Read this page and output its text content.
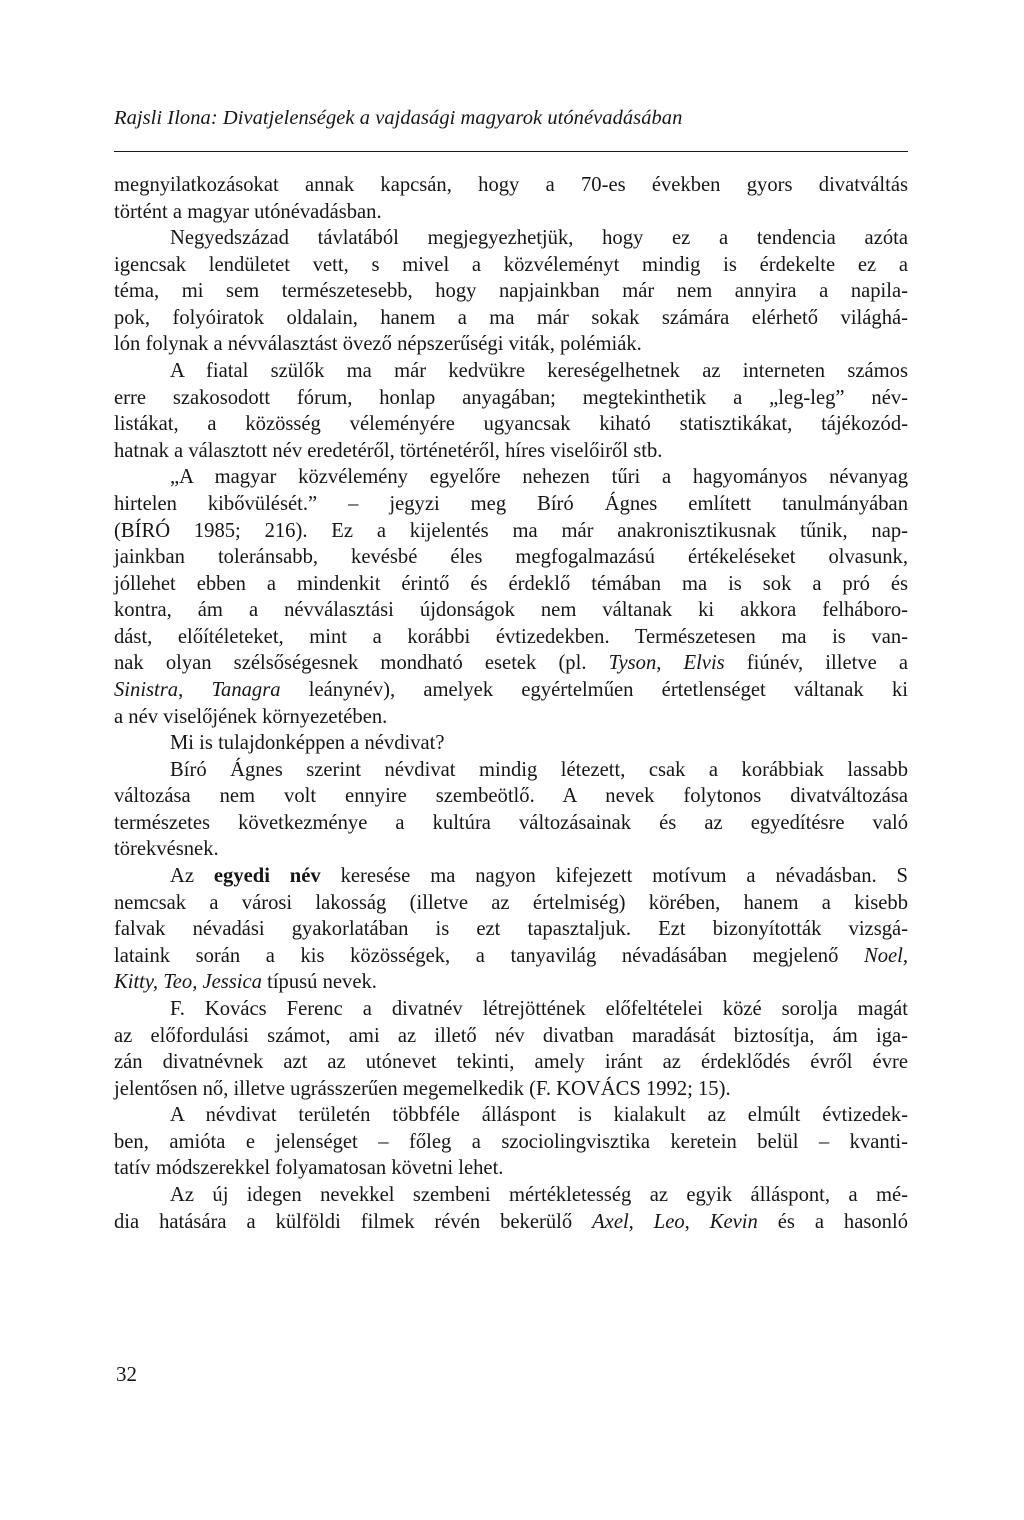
Rajsli Ilona: Divatjelenségek a vajdasági magyarok utónévadásában

megnyilatkozásokat annak kapcsán, hogy a 70-es években gyors divatváltás
történt a magyar utónévadásban.

Negyedszázad távlatából megjegyezhetjük, hogy ez a tendencia azóta
igencsak lendületet vett, s mivel a közvéleményt mindig is érdekelte ez a
téma, mi sem természetesebb, hogy napjainkban már nem annyira a napila-
pok, folyóiratok oldalain, hanem a ma már sokak számára elérhető világhá-
lón folynak a névválasztást övező népszerűségi viták, polémiák.

A fiatal szülők ma már kedvükre kereségelhetnek az interneten számos
erre szakosodott fórum, honlap anyagában; megtekinthetik a „leg-leg” név-
listákat, a közösség véleményére ugyancsak kiható statisztikákat, tájékozód-
hatnak a választott név eredetéről, történetéről, híres viselőiről stb.

„A magyar közvélemény egyelőre nehezen tűri a hagyományos névanyag
hirtelen kibővülését.” – jegyzi meg Bíró Ágnes említett tanulmányában
(BÍRÓ 1985; 216). Ez a kijelentés ma már anakronisztikusnak tűnik, nap-
jainkban toleránsabb, kevésbé éles megfogalmazású értékeléseket olvasunk,
jóllehet ebben a mindenkit érintő és érdeklő témában ma is sok a pró és
kontra, ám a névválasztási újdonságok nem váltanak ki akkora felháboro-
dást, előítéleteket, mint a korábbi évtizedekben. Természetesen ma is van-
nak olyan szélsőségesnek mondható esetek (pl. Tyson, Elvis fiúnév, illetve a
Sinistra, Tanagra leánynév), amelyek egyértelműen értetlenséget váltanak ki
a név viselőjének környezetében.

Mi is tulajdonképpen a névdivat?

Bíró Ágnes szerint névdivat mindig létezett, csak a korábbiak lassabb
változása nem volt ennyire szembeötlő. A nevek folytonos divatváltozása
természetes következménye a kultúra változásainak és az egyedítésre való
törekvésnek.

Az egyedi név keresése ma nagyon kifejezett motívum a névadásban. S
nemcsak a városi lakosság (illetve az értelmiség) körében, hanem a kisebb
falvak névadási gyakorlatában is ezt tapasztaljuk. Ezt bizonyították vizsgá-
lataink során a kis közösségek, a tanyavilág névadásában megjelenő Noel,
Kitty, Teo, Jessica típusú nevek.

F. Kovács Ferenc a divatnév létrejöttének előfeltételei közé sorolja magát
az előfordulási számot, ami az illető név divatban maradását biztosítja, ám iga-
zán divatnévnek azt az utónevet tekinti, amely iránt az érdeklődés évről évre
jelentősen nő, illetve ugrásszerűen megemelkedik (F. KOVÁCS 1992; 15).

A névdivat területén többféle álláspont is kialakult az elmúlt évtizedek-
ben, amióta e jelenséget – főleg a szociolingvisztika keretein belül – kvanti-
tatív módszerekkel folyamatosan követni lehet.

Az új idegen nevekkel szembeni mértékletesség az egyik álláspont, a mé-
dia hatására a külföldi filmek révén bekerülő Axel, Leo, Kevin és a hasonló

32
